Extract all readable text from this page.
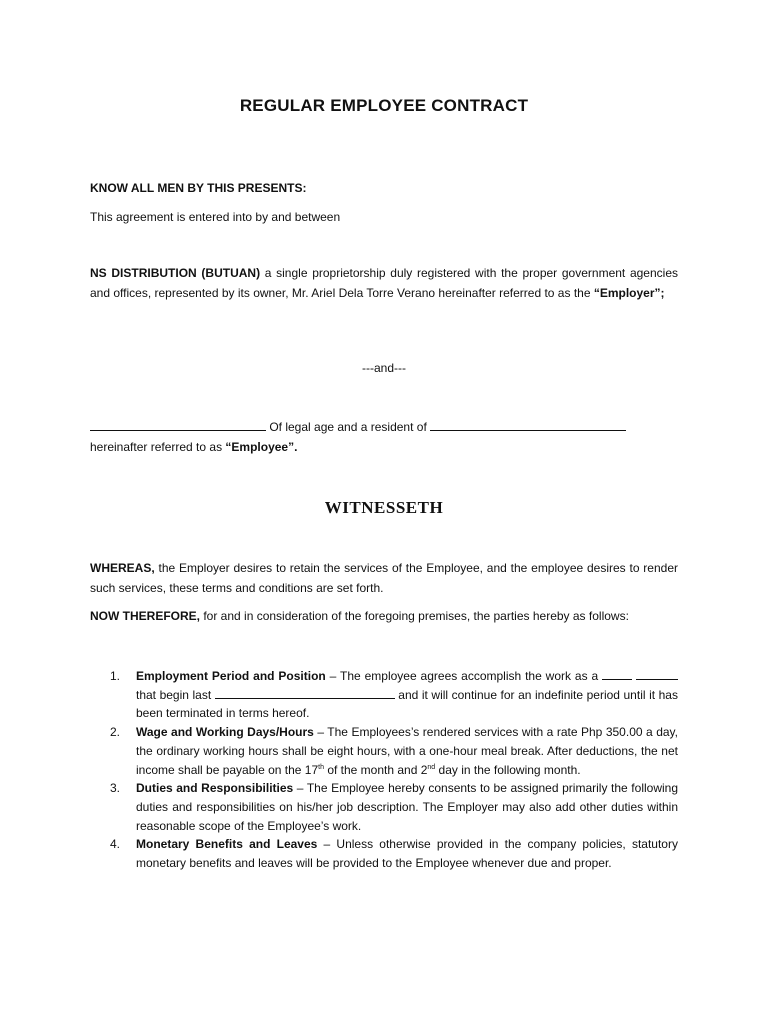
REGULAR EMPLOYEE CONTRACT
KNOW ALL MEN BY THIS PRESENTS:
This agreement is entered into by and between
NS DISTRIBUTION (BUTUAN) a single proprietorship duly registered with the proper government agencies and offices, represented by its owner, Mr. Ariel Dela Torre Verano hereinafter referred to as the “Employer”;
---and---
Of legal age and a resident of
hereinafter referred to as “Employee”.
WITNESSETH
WHEREAS, the Employer desires to retain the services of the Employee, and the employee desires to render such services, these terms and conditions are set forth.
NOW THEREFORE, for and in consideration of the foregoing premises, the parties hereby as follows:
1. Employment Period and Position – The employee agrees accomplish the work as a   that begin last	and it will continue for an indefinite period until it has been terminated in terms hereof.
2. Wage and Working Days/Hours – The Employees’s rendered services with a rate Php 350.00 a day, the ordinary working hours shall be eight hours, with a one-hour meal break. After deductions, the net income shall be payable on the 17th of the month and 2nd day in the following month.
3. Duties and Responsibilities – The Employee hereby consents to be assigned primarily the following duties and responsibilities on his/her job description. The Employer may also add other duties within reasonable scope of the Employee’s work.
4. Monetary Benefits and Leaves – Unless otherwise provided in the company policies, statutory monetary benefits and leaves will be provided to the Employee whenever due and proper.
